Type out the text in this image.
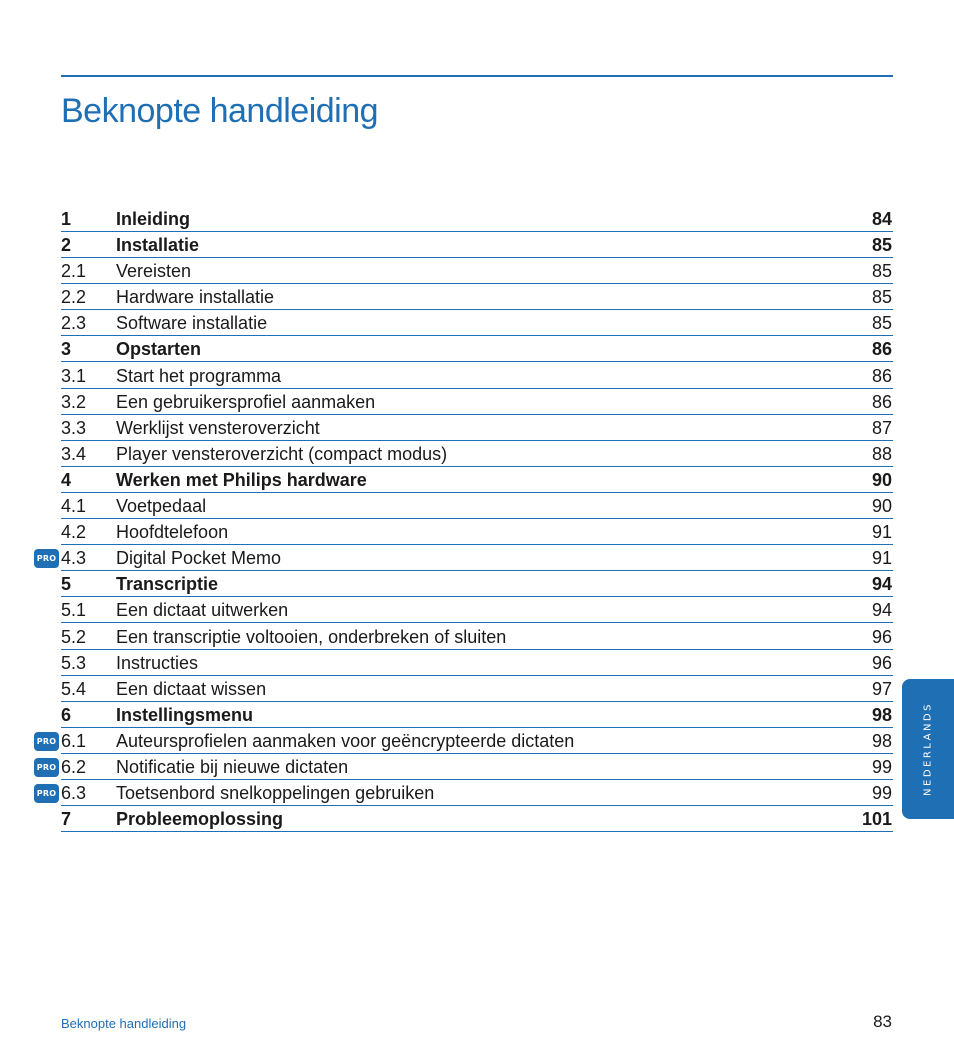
Beknopte handleiding
1 Inleiding	84
2 Installatie	85
2.1 Vereisten	85
2.2 Hardware installatie	85
2.3 Software installatie	85
3 Opstarten	86
3.1 Start het programma	86
3.2 Een gebruikersprofiel aanmaken	86
3.3 Werklijst vensteroverzicht	87
3.4 Player vensteroverzicht (compact modus)	88
4 Werken met Philips hardware	90
4.1 Voetpedaal	90
4.2 Hoofdtelefoon	91
PRO 4.3 Digital Pocket Memo	91
5 Transcriptie	94
5.1 Een dictaat uitwerken	94
5.2 Een transcriptie voltooien, onderbreken of sluiten	96
5.3 Instructies	96
5.4 Een dictaat wissen	97
6 Instellingsmenu	98
PRO 6.1 Auteursprofielen aanmaken voor geëncrypteerde dictaten	98
PRO 6.2 Notificatie bij nieuwe dictaten	99
PRO 6.3 Toetsenbord snelkoppelingen gebruiken	99
7 Probleemoplossing	101
NEDERLANDS
Beknopte handleiding	83
